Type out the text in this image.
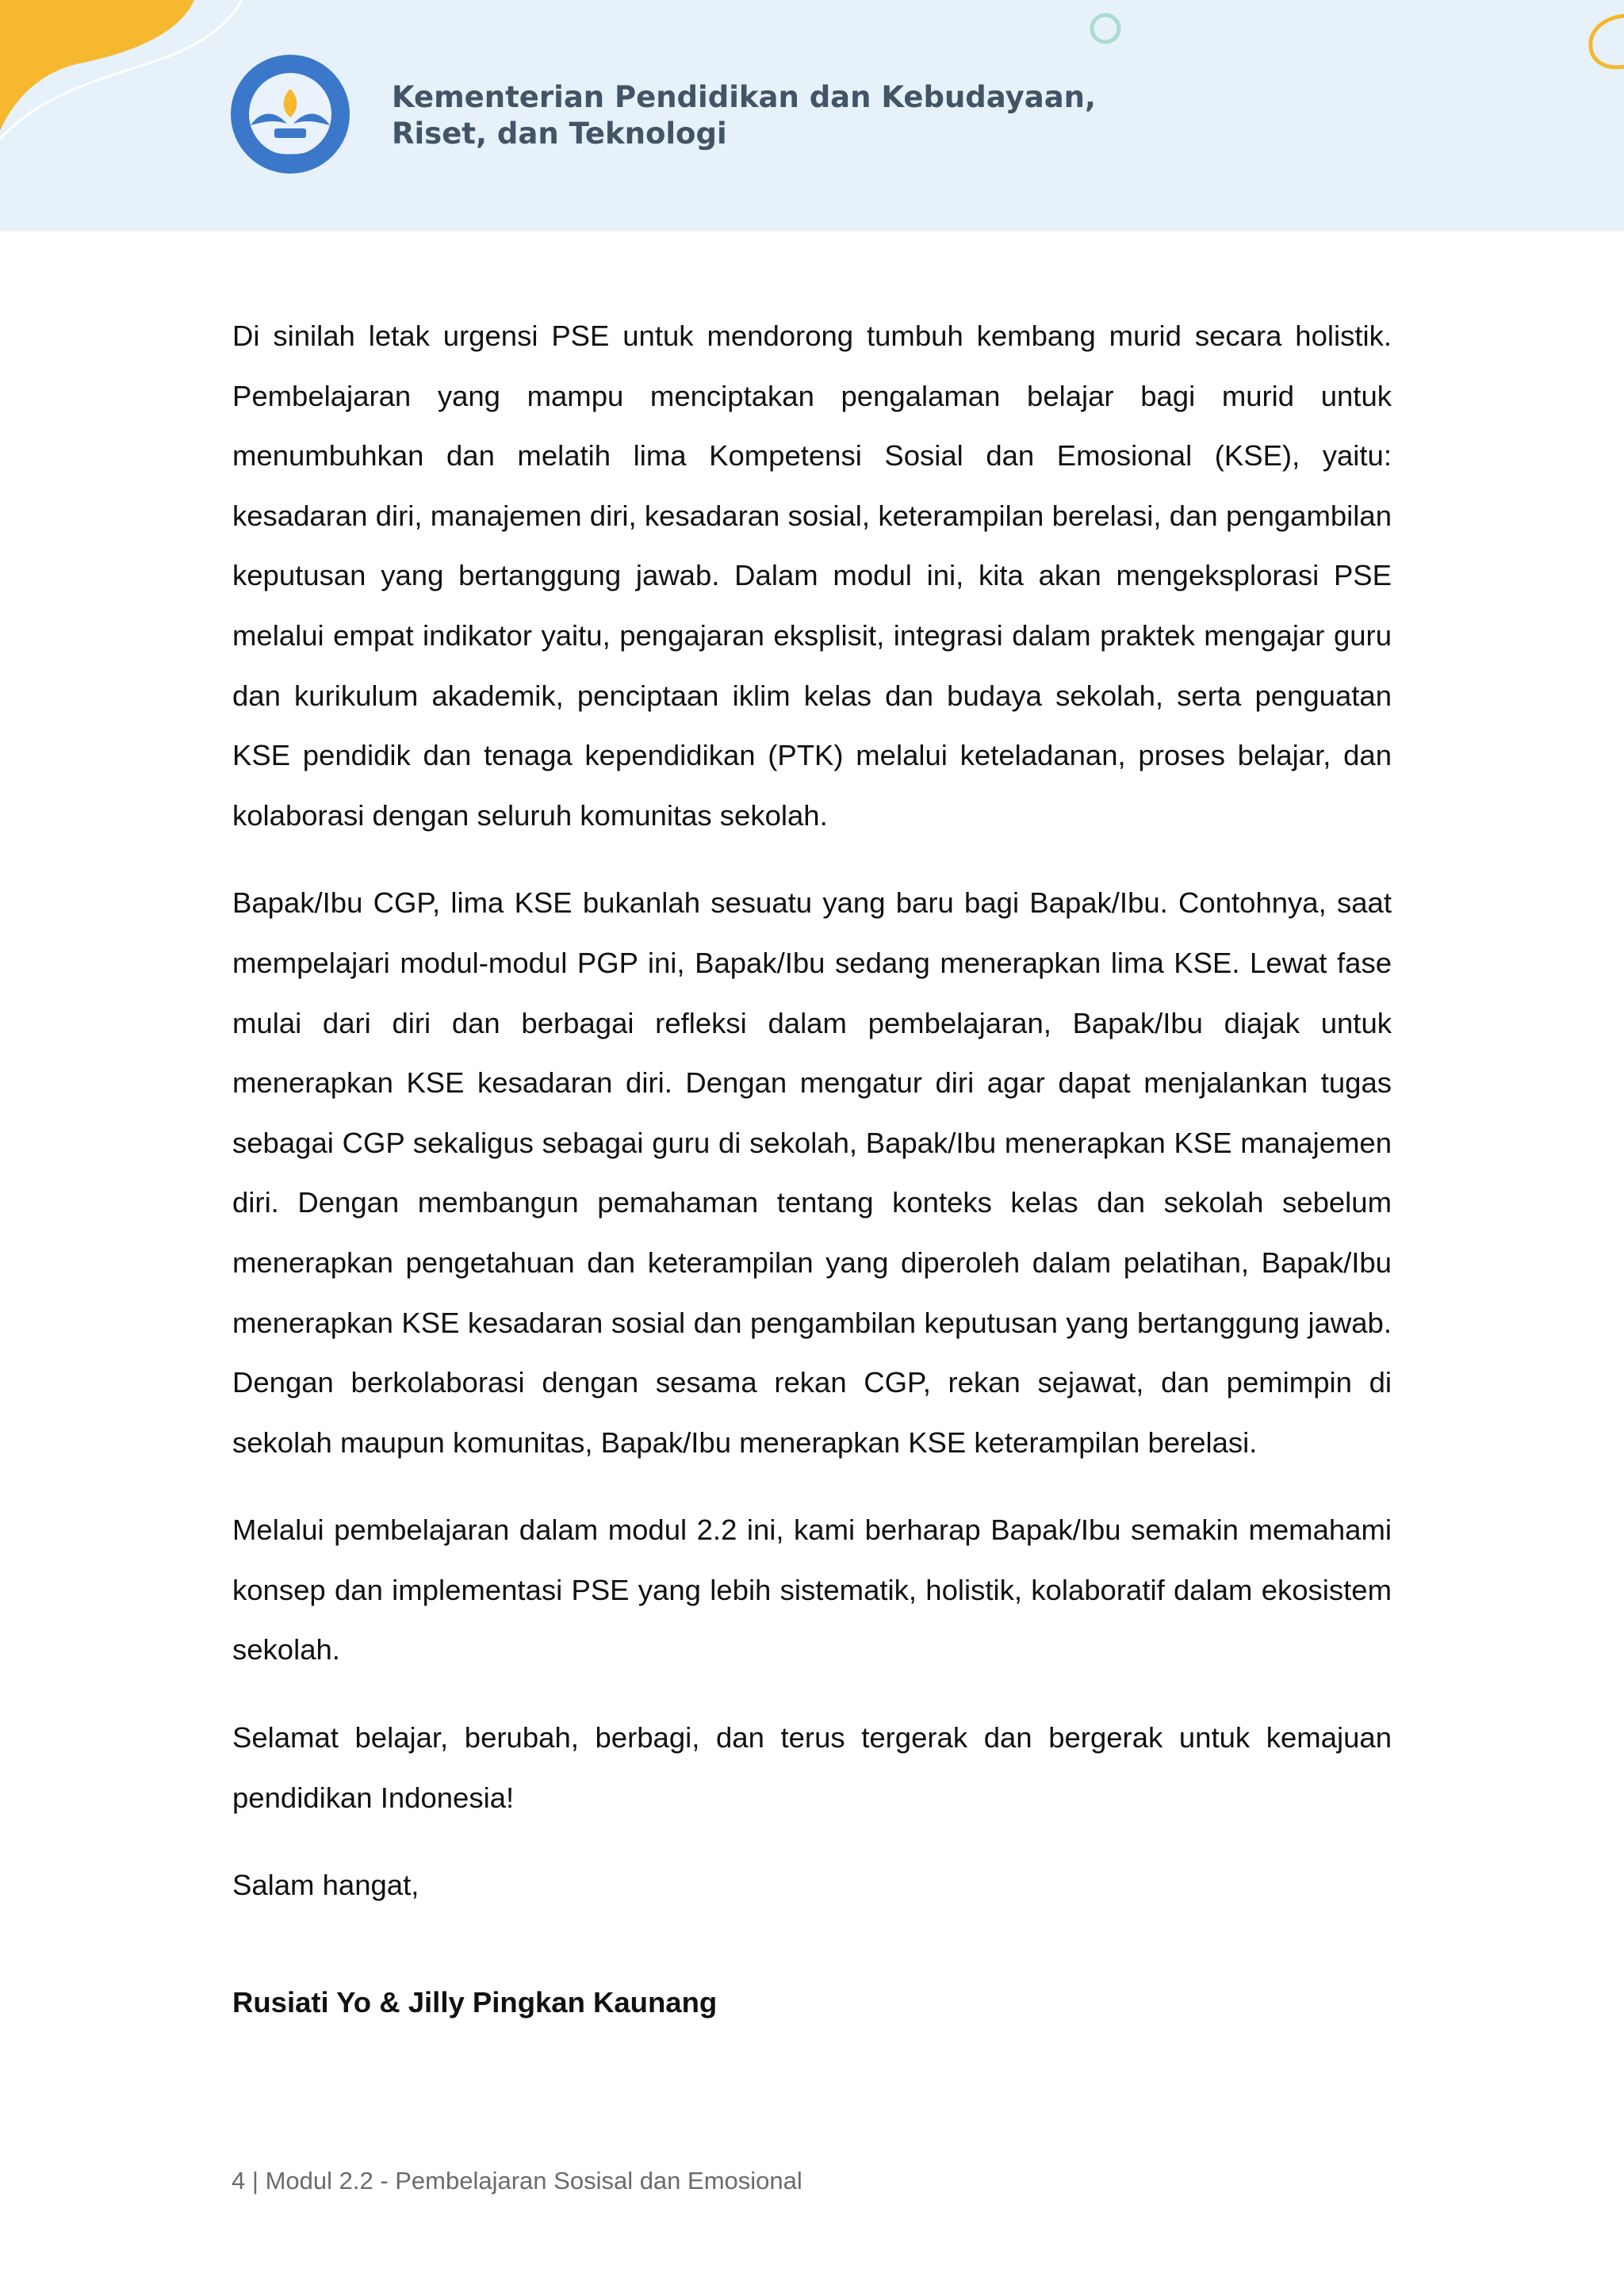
Kementerian Pendidikan dan Kebudayaan,
Riset, dan Teknologi

Di sinilah letak urgensi PSE untuk mendorong tumbuh kembang murid secara holistik. Pembelajaran yang mampu menciptakan pengalaman belajar bagi murid untuk menumbuhkan dan melatih lima Kompetensi Sosial dan Emosional (KSE), yaitu: kesadaran diri, manajemen diri, kesadaran sosial, keterampilan berelasi, dan pengambilan keputusan yang bertanggung jawab. Dalam modul ini, kita akan mengeksplorasi PSE melalui empat indikator yaitu, pengajaran eksplisit, integrasi dalam praktek mengajar guru dan kurikulum akademik, penciptaan iklim kelas dan budaya sekolah, serta penguatan KSE pendidik dan tenaga kependidikan (PTK) melalui keteladanan, proses belajar, dan kolaborasi dengan seluruh komunitas sekolah.

Bapak/Ibu CGP, lima KSE bukanlah sesuatu yang baru bagi Bapak/Ibu. Contohnya, saat mempelajari modul-modul PGP ini, Bapak/Ibu sedang menerapkan lima KSE. Lewat fase mulai dari diri dan berbagai refleksi dalam pembelajaran, Bapak/Ibu diajak untuk menerapkan KSE kesadaran diri. Dengan mengatur diri agar dapat menjalankan tugas sebagai CGP sekaligus sebagai guru di sekolah, Bapak/Ibu menerapkan KSE manajemen diri. Dengan membangun pemahaman tentang konteks kelas dan sekolah sebelum menerapkan pengetahuan dan keterampilan yang diperoleh dalam pelatihan, Bapak/Ibu menerapkan KSE kesadaran sosial dan pengambilan keputusan yang bertanggung jawab. Dengan berkolaborasi dengan sesama rekan CGP, rekan sejawat, dan pemimpin di sekolah maupun komunitas, Bapak/Ibu menerapkan KSE keterampilan berelasi.

Melalui pembelajaran dalam modul 2.2 ini, kami berharap Bapak/Ibu semakin memahami konsep dan implementasi PSE yang lebih sistematik, holistik, kolaboratif dalam ekosistem sekolah.

Selamat belajar, berubah, berbagi, dan terus tergerak dan bergerak untuk kemajuan pendidikan Indonesia!

Salam hangat,

Rusiati Yo & Jilly Pingkan Kaunang
4 | Modul 2.2 - Pembelajaran Sosisal dan Emosional
